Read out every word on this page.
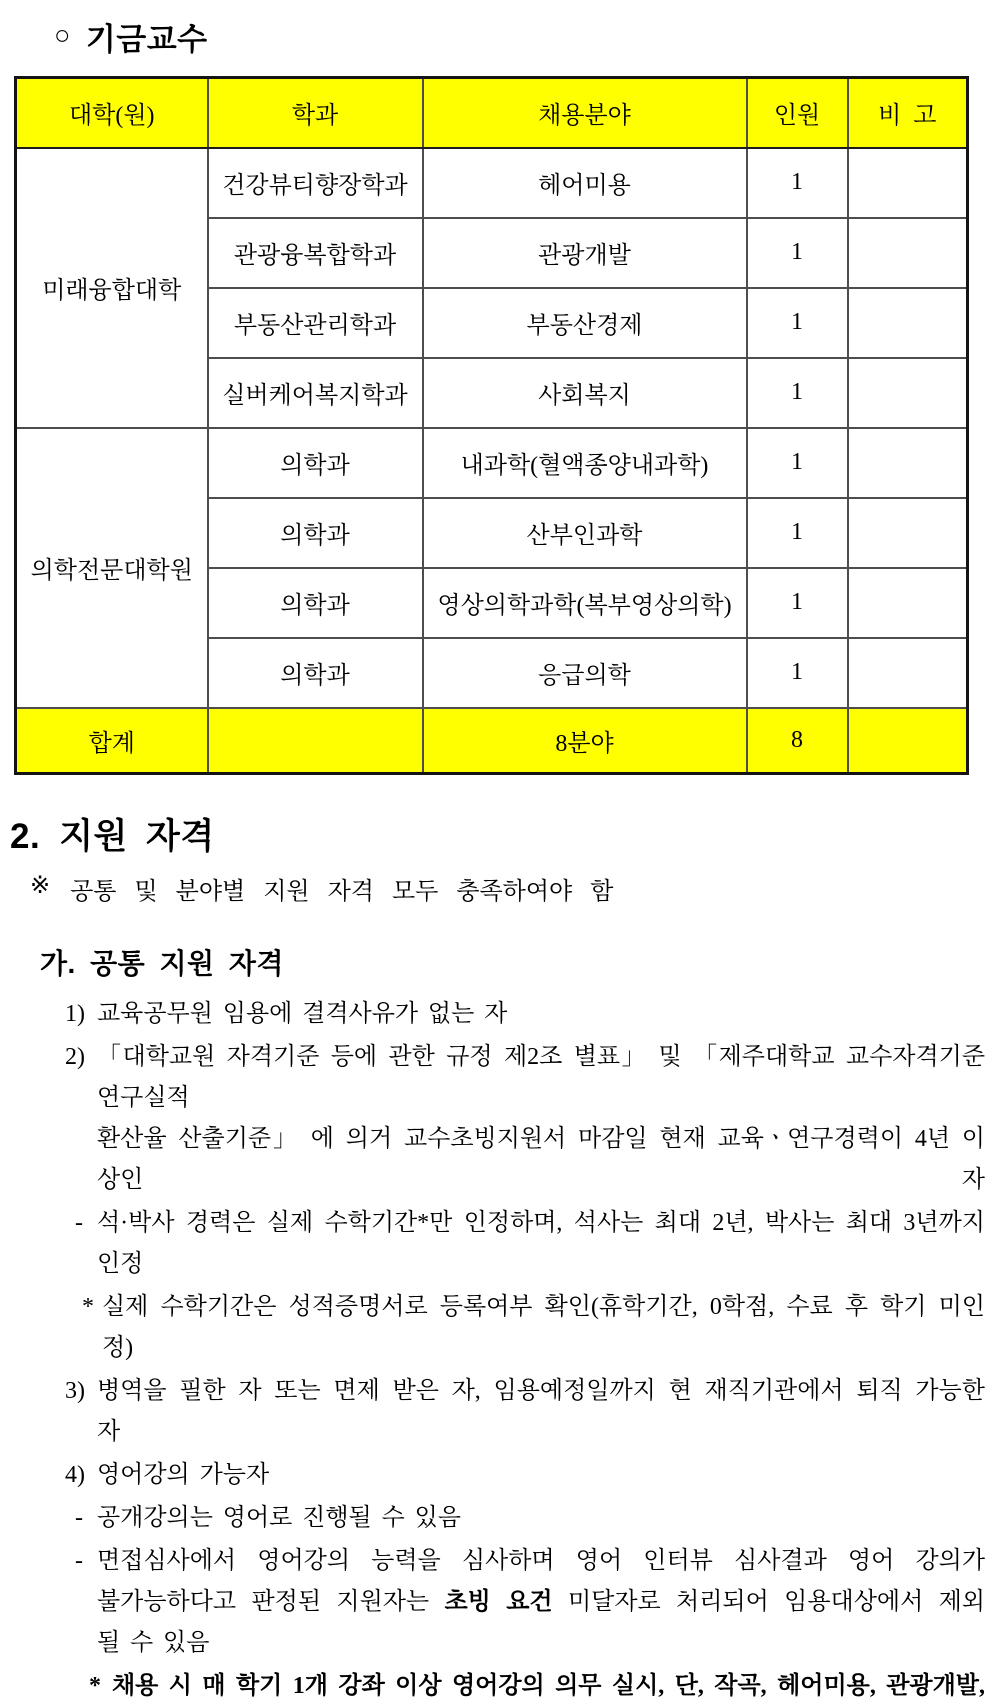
○ 기금교수
대학(원)	학과	채용분야	인원	비  고
미래융합대학	건강뷰티향장학과	헤어미용	1	
	관광융복합학과	관광개발	1	
	부동산관리학과	부동산경제	1	
	실버케어복지학과	사회복지	1	
의학전문대학원	의학과	내과학(혈액종양내과학)	1	
	의학과	산부인과학	1	
	의학과	영상의학과학(복부영상의학)	1	
	의학과	응급의학	1	
합계		8분야	8	
2. 지원 자격
※ 공통 및 분야별 지원 자격 모두 충족하여야 함
가. 공통 지원 자격
1) 교육공무원 임용에 결격사유가 없는 자
2) 「대학교원 자격기준 등에 관한 규정 제2조 별표」 및 「제주대학교 교수자격기준 연구실적
환산율 산출기준」 에 의거 교수초빙지원서 마감일 현재 교육ㆍ연구경력이 4년 이상인 자
- 석·박사 경력은 실제 수학기간*만 인정하며, 석사는 최대 2년, 박사는 최대 3년까지 인정
* 실제 수학기간은 성적증명서로 등록여부 확인(휴학기간, 0학점, 수료 후 학기 미인정)
3) 병역을 필한 자 또는 면제 받은 자, 임용예정일까지 현 재직기관에서 퇴직 가능한 자
4) 영어강의 가능자
- 공개강의는 영어로 진행될 수 있음
- 면접심사에서 영어강의 능력을 심사하며 영어 인터뷰 심사결과 영어 강의가
불가능하다고 판정된 지원자는 초빙 요건 미달자로 처리되어 임용대상에서 제외
될 수 있음
* 채용 시 매 학기 1개 강좌 이상 영어강의 의무 실시, 단, 작곡, 헤어미용, 관광개발,
